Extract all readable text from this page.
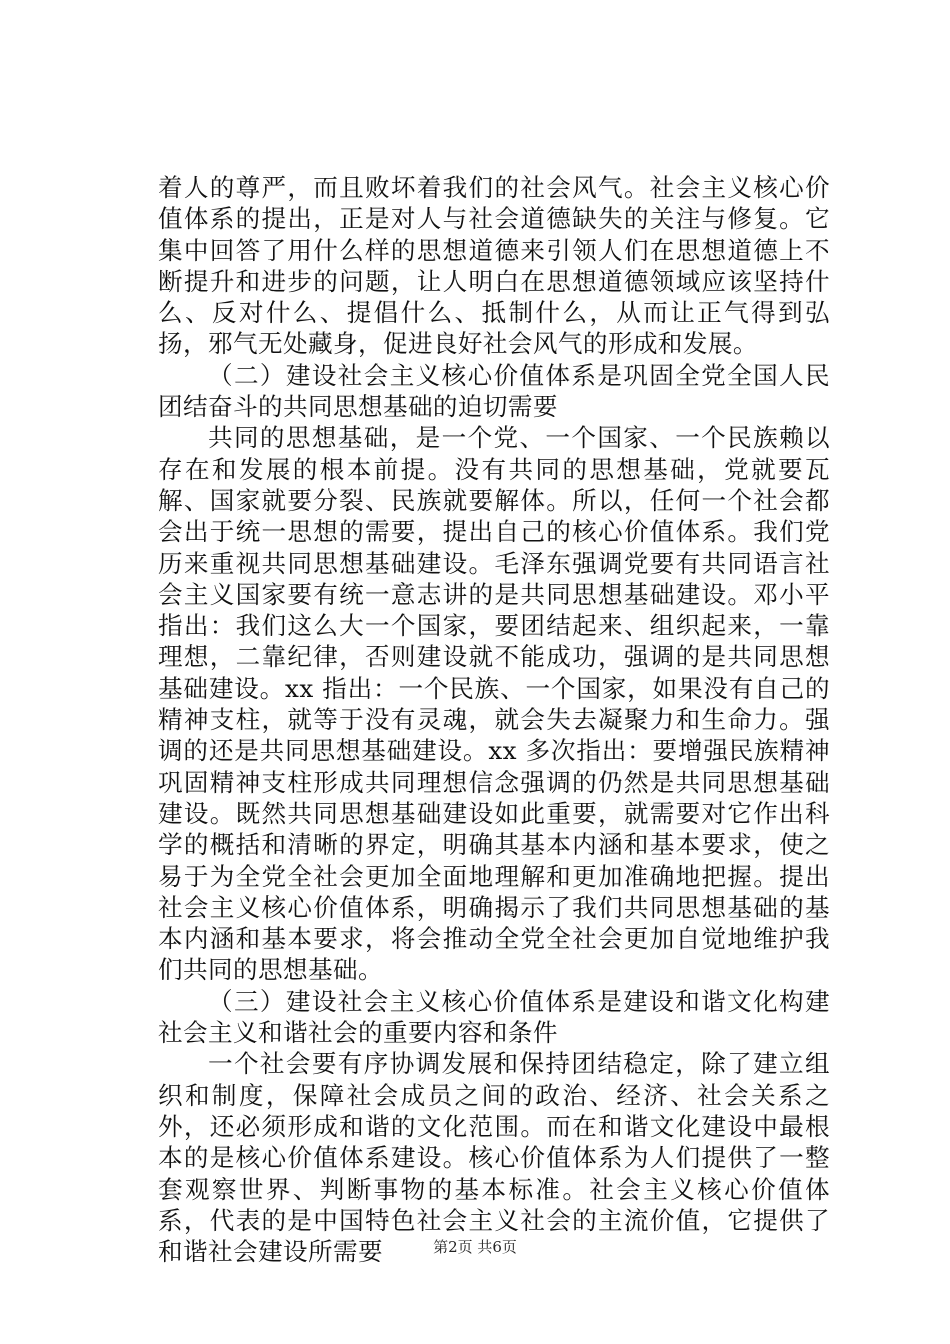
着人的尊严，而且败坏着我们的社会风气。社会主义核心价值体系的提出，正是对人与社会道德缺失的关注与修复。它集中回答了用什么样的思想道德来引领人们在思想道德上不断提升和进步的问题，让人明白在思想道德领域应该坚持什么、反对什么、提倡什么、抵制什么，从而让正气得到弘扬，邪气无处藏身，促进良好社会风气的形成和发展。

（二）建设社会主义核心价值体系是巩固全党全国人民团结奋斗的共同思想基础的迫切需要

共同的思想基础，是一个党、一个国家、一个民族赖以存在和发展的根本前提。没有共同的思想基础，党就要瓦解、国家就要分裂、民族就要解体。所以，任何一个社会都会出于统一思想的需要，提出自己的核心价值体系。我们党历来重视共同思想基础建设。毛泽东强调党要有共同语言社会主义国家要有统一意志讲的是共同思想基础建设。邓小平指出：我们这么大一个国家，要团结起来、组织起来，一靠理想，二靠纪律，否则建设就不能成功，强调的是共同思想基础建设。xx 指出：一个民族、一个国家，如果没有自己的精神支柱，就等于没有灵魂，就会失去凝聚力和生命力。强调的还是共同思想基础建设。xx 多次指出：要增强民族精神巩固精神支柱形成共同理想信念强调的仍然是共同思想基础建设。既然共同思想基础建设如此重要，就需要对它作出科学的概括和清晰的界定，明确其基本内涵和基本要求，使之易于为全党全社会更加全面地理解和更加准确地把握。提出社会主义核心价值体系，明确揭示了我们共同思想基础的基本内涵和基本要求，将会推动全党全社会更加自觉地维护我们共同的思想基础。

（三）建设社会主义核心价值体系是建设和谐文化构建社会主义和谐社会的重要内容和条件

一个社会要有序协调发展和保持团结稳定，除了建立组织和制度，保障社会成员之间的政治、经济、社会关系之外，还必须形成和谐的文化范围。而在和谐文化建设中最根本的是核心价值体系建设。核心价值体系为人们提供了一整套观察世界、判断事物的基本标准。社会主义核心价值体系，代表的是中国特色社会主义社会的主流价值，它提供了和谐社会建设所需要	第2页 共6页
